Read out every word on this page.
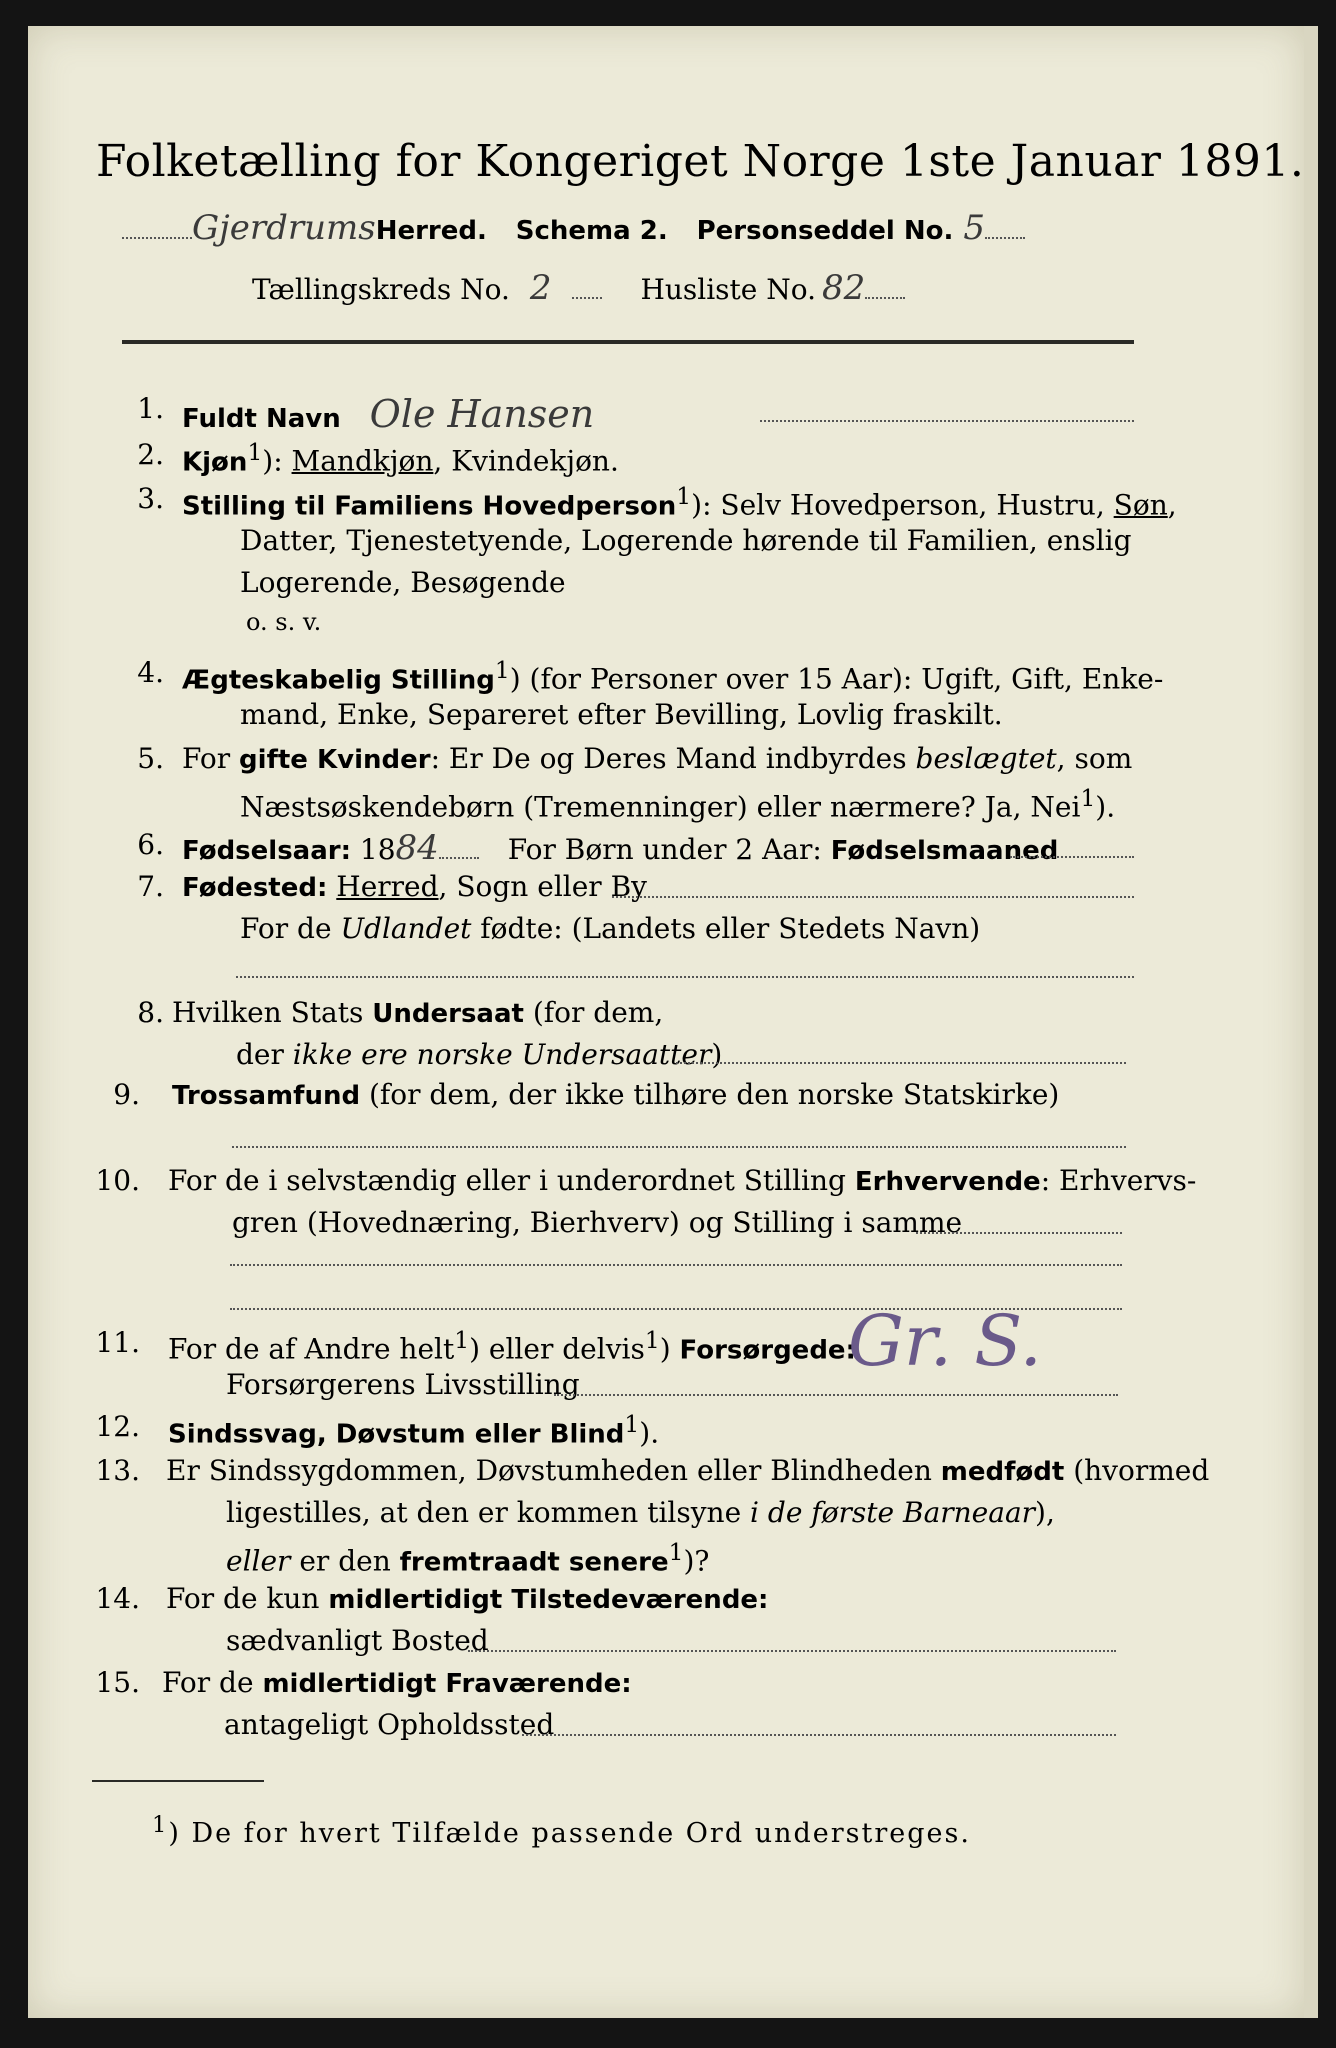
Folketælling for Kongeriget Norge 1ste Januar 1891.
GjerdrumsHerred. Schema 2. Personseddel No. 5
Tællingskreds No. 2	Husliste No. 82
1. Fuldt Navn Ole Hansen
2. Kjøn$^1$): Mandkjøn, Kvindekjøn.
3. Stilling til Familiens Hovedperson$^1$): Selv Hovedperson, Hustru, Søn,
Datter, Tjenestetyende, Logerende hørende til Familien, enslig
Logerende, Besøgende
o. s. v.
4. Ægteskabelig Stilling$^1$) (for Personer over 15 Aar): Ugift, Gift, Enke-
mand, Enke, Separeret efter Bevilling, Lovlig fraskilt.
5. For gifte Kvinder: Er De og Deres Mand indbyrdes beslægtet, som
Næstsøskendebørn (Tremenninger) eller nærmere? Ja, Nei$^1$).
6. Fødselsaar: 1884 For Børn under 2 Aar: Fødselsmaaned
7. Fødested: Herred, Sogn eller By
For de Udlandet fødte: (Landets eller Stedets Navn)
8. Hvilken Stats Undersaat (for dem,
der ikke ere norske Undersaatter)
9. Trossamfund (for dem, der ikke tilhøre den norske Statskirke)
10. For de i selvstændig eller i underordnet Stilling Erhvervende: Erhvervs-
gren (Hovednæring, Bierhverv) og Stilling i samme
11. For de af Andre helt$^1$) eller delvis$^1$) Forsørgede:
Forsørgerens Livsstilling
Gr. S.
12. Sindssvag, Døvstum eller Blind$^1$).
13. Er Sindssygdommen, Døvstumheden eller Blindheden medfødt (hvormed
ligestilles, at den er kommen tilsyne i de første Barneaar),
eller er den fremtraadt senere$^1$)?
14. For de kun midlertidigt Tilstedeværende:
sædvanligt Bosted
15. For de midlertidigt Fraværende:
antageligt Opholdssted
$^1$) De for hvert Tilfælde passende Ord understreges.
